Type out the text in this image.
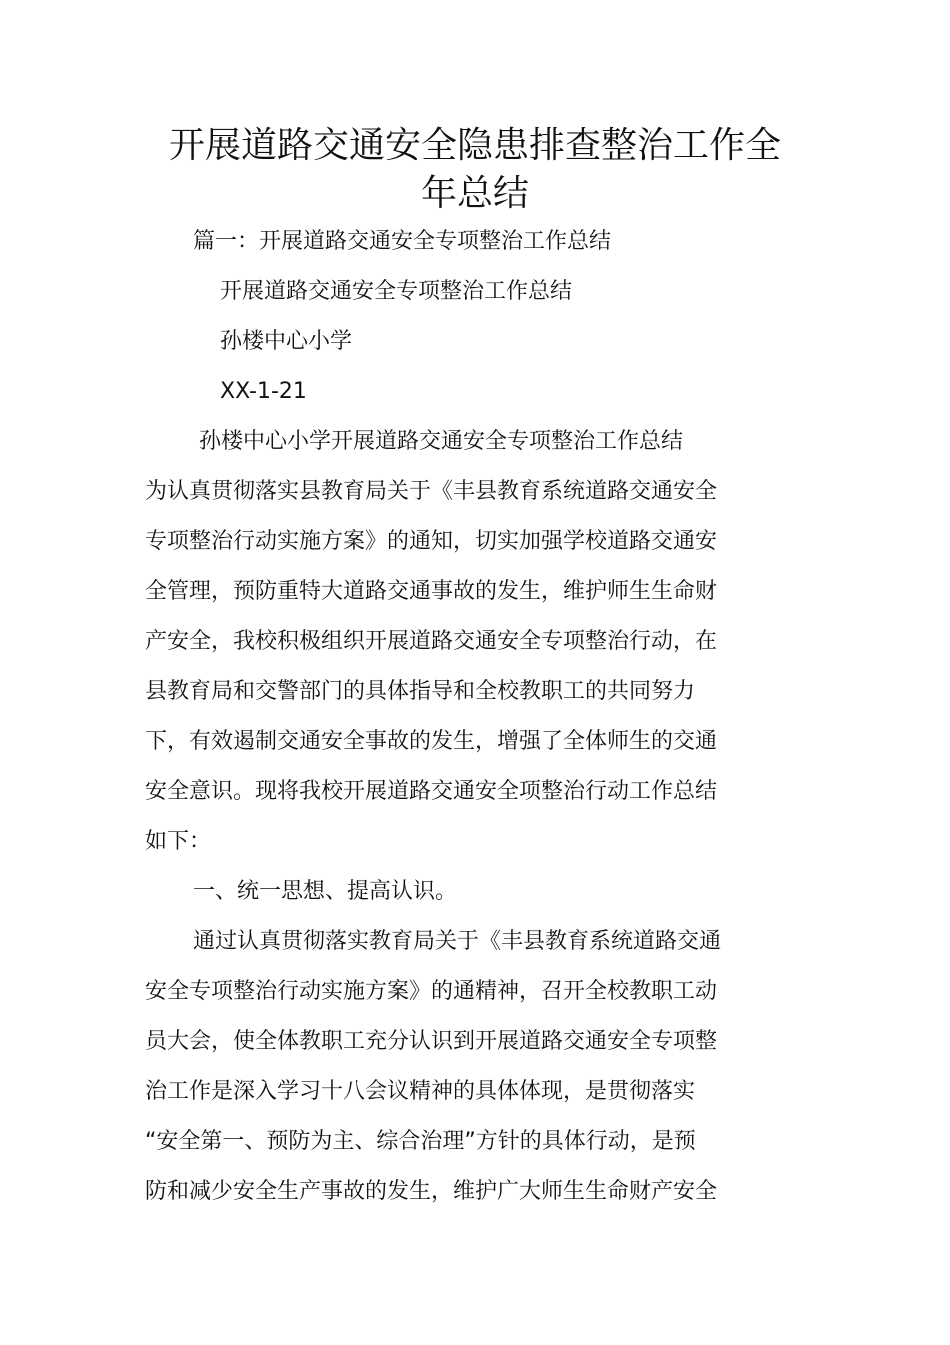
开展道路交通安全隐患排查整治工作全
年总结

篇一：开展道路交通安全专项整治工作总结

开展道路交通安全专项整治工作总结

孙楼中心小学

XX-1-21

孙楼中心小学开展道路交通安全专项整治工作总结

为认真贯彻落实县教育局关于《丰县教育系统道路交通安全

专项整治行动实施方案》的通知，切实加强学校道路交通安

全管理，预防重特大道路交通事故的发生，维护师生生命财

产安全，我校积极组织开展道路交通安全专项整治行动，在

县教育局和交警部门的具体指导和全校教职工的共同努力

下，有效遏制交通安全事故的发生，增强了全体师生的交通

安全意识。现将我校开展道路交通安全项整治行动工作总结

如下：

一、统一思想、提高认识。

通过认真贯彻落实教育局关于《丰县教育系统道路交通

安全专项整治行动实施方案》的通精神，召开全校教职工动

员大会，使全体教职工充分认识到开展道路交通安全专项整

治工作是深入学习十八会议精神的具体体现，是贯彻落实

“安全第一、预防为主、综合治理”方针的具体行动，是预

防和减少安全生产事故的发生，维护广大师生生命财产安全
